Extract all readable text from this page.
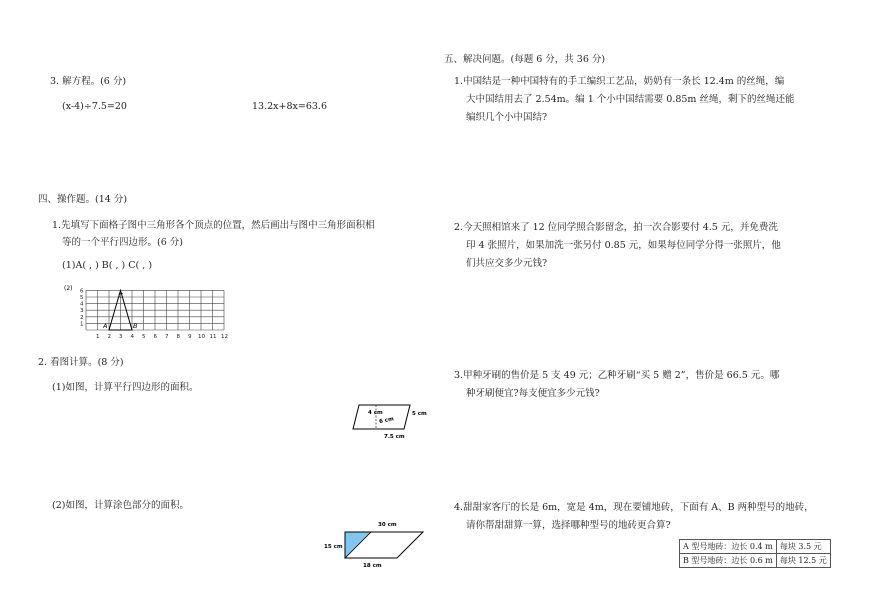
3. 解方程。(6 分)
(x-4)÷7.5=20	13.2x+8x=63.6
四、操作题。(14 分)
1.先填写下面格子图中三角形各个顶点的位置，然后画出与图中三角形面积相
等的一个平行四边形。(6 分)
(1)A( , ) B( , ) C( , )
(2)
1
2
3
4
5
6
1 2 3 4 5 6 7 8 9 10 11 12
A	B
C
2. 看图计算。(8 分)
(1)如图，计算平行四边形的面积。
4 cm	5 cm
6 cm
7.5 cm
(2)如图，计算涂色部分的面积。
30 cm
15 cm
18 cm
五、解决问题。(每题 6 分，共 36 分)
1.中国结是一种中国特有的手工编织工艺品，奶奶有一条长 12.4m 的丝绳，编
大中国结用去了 2.54m。编 1 个小中国结需要 0.85m 丝绳，剩下的丝绳还能
编织几个小中国结?
2.今天照相馆来了 12 位同学照合影留念，拍一次合影要付 4.5 元，并免费洗
印 4 张照片，如果加洗一张另付 0.85 元，如果每位同学分得一张照片，他
们共应交多少元钱?
3.甲种牙刷的售价是 5 支 49 元；乙种牙刷“买 5 赠 2”，售价是 66.5 元。哪
种牙刷便宜?每支便宜多少元钱?
4.甜甜家客厅的长是 6m，宽是 4m，现在要铺地砖，下面有 A、B 两种型号的地砖，
请你帮甜甜算一算，选择哪种型号的地砖更合算?
A 型号地砖：边长 0.4 m	每块 3.5 元
B 型号地砖：边长 0.6 m	每块 12.5 元
